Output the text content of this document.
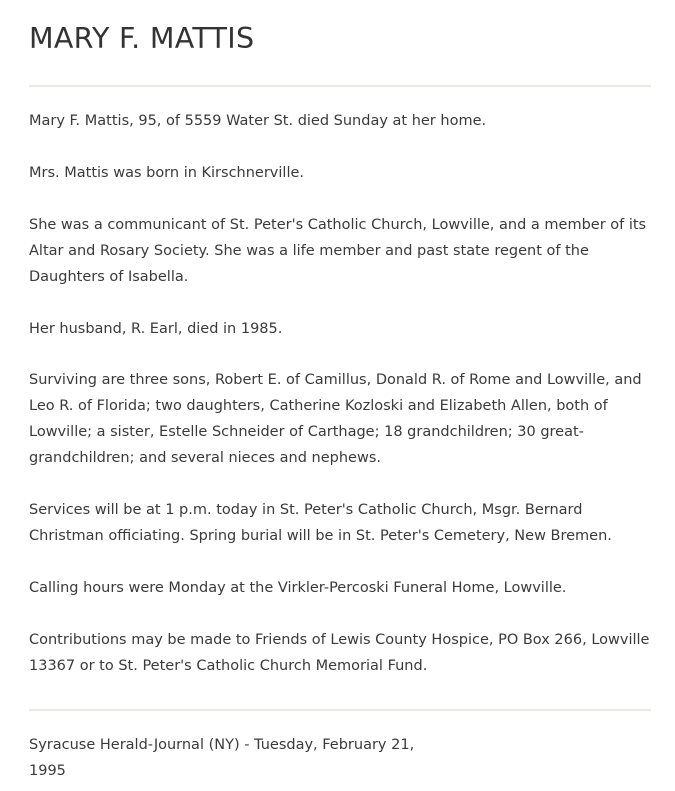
MARY F. MATTIS

Mary F. Mattis, 95, of 5559 Water St. died Sunday at her home.

Mrs. Mattis was born in Kirschnerville.

She was a communicant of St. Peter's Catholic Church, Lowville, and a member of its Altar and Rosary Society. She was a life member and past state regent of the Daughters of Isabella.

Her husband, R. Earl, died in 1985.

Surviving are three sons, Robert E. of Camillus, Donald R. of Rome and Lowville, and Leo R. of Florida; two daughters, Catherine Kozloski and Elizabeth Allen, both of Lowville; a sister, Estelle Schneider of Carthage; 18 grandchildren; 30 great-grandchildren; and several nieces and nephews.

Services will be at 1 p.m. today in St. Peter's Catholic Church, Msgr. Bernard Christman officiating. Spring burial will be in St. Peter's Cemetery, New Bremen.

Calling hours were Monday at the Virkler-Percoski Funeral Home, Lowville.

Contributions may be made to Friends of Lewis County Hospice, PO Box 266, Lowville 13367 or to St. Peter's Catholic Church Memorial Fund.

Syracuse Herald-Journal (NY) - Tuesday, February 21, 1995
